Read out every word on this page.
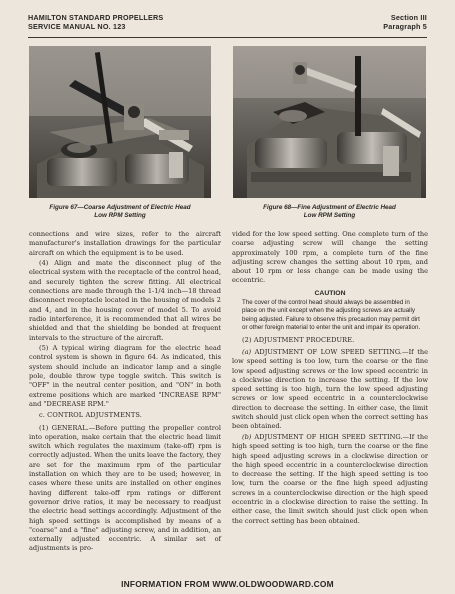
HAMILTON STANDARD PROPELLERS
SERVICE MANUAL NO. 123
Section III
Paragraph 5
Figure 67—Coarse Adjustment of Electric Head
Low RPM Setting
Figure 68—Fine Adjustment of Electric Head
Low RPM Setting

connections and wire sizes, refer to the aircraft manufacturer's installation drawings for the particular aircraft on which the equipment is to be used.

(4) Align and mate the disconnect plug of the electrical system with the receptacle of the control head, and securely tighten the screw fitting. All electrical connections are made through the 1-1/4 inch—18 thread disconnect receptacle located in the housing of models 2 and 4, and in the housing cover of model 5. To avoid radio interference, it is recommended that all wires be shielded and that the shielding be bonded at frequent intervals to the structure of the aircraft.

(5) A typical wiring diagram for the electric head control system is shown in figure 64. As indicated, this system should include an indicator lamp and a single pole, double throw type toggle switch. This switch is "OFF" in the neutral center position, and "ON" in both extreme positions which are marked "INCREASE RPM" and "DECREASE RPM."

c. CONTROL ADJUSTMENTS.

(1) GENERAL.—Before putting the propeller control into operation, make certain that the electric head limit switch which regulates the maximum (take-off) rpm is correctly adjusted. When the units leave the factory, they are set for the maximum rpm of the particular installation on which they are to be used; however, in cases where these units are installed on other engines having different take-off rpm ratings or different governor drive ratios, it may be necessary to readjust the electric head settings accordingly. Adjustment of the high speed settings is accomplished by means of a "coarse" and a "fine" adjusting screw, and in addition, an externally adjusted eccentric. A similar set of adjustments is pro-

vided for the low speed setting. One complete turn of the coarse adjusting screw will change the setting approximately 100 rpm, a complete turn of the fine adjusting screw changes the setting about 10 rpm, and about 10 rpm or less change can be made using the eccentric.

CAUTION

The cover of the control head should always be assembled in place on the unit except when the adjusting screws are actually being adjusted. Failure to observe this precaution may permit dirt or other foreign material to enter the unit and impair its operation.

(2) ADJUSTMENT PROCEDURE.

(a) ADJUSTMENT OF LOW SPEED SETTING.—If the low speed setting is too low, turn the coarse or the fine low speed adjusting screws or the low speed eccentric in a clockwise direction to increase the setting. If the low speed setting is too high, turn the low speed adjusting screws or low speed eccentric in a counterclockwise direction to decrease the setting. In either case, the limit switch should just click open when the correct setting has been obtained.

(b) ADJUSTMENT OF HIGH SPEED SETTING.—If the high speed setting is too high, turn the coarse or the fine high speed adjusting screws in a clockwise direction or the high speed eccentric in a counterclockwise direction to decrease the setting. If the high speed setting is too low, turn the coarse or the fine high speed adjusting screws in a counterclockwise direction or the high speed eccentric in a clockwise direction to raise the setting. In either case, the limit switch should just click open when the correct setting has been obtained.

INFORMATION FROM WWW.OLDWOODWARD.COM
